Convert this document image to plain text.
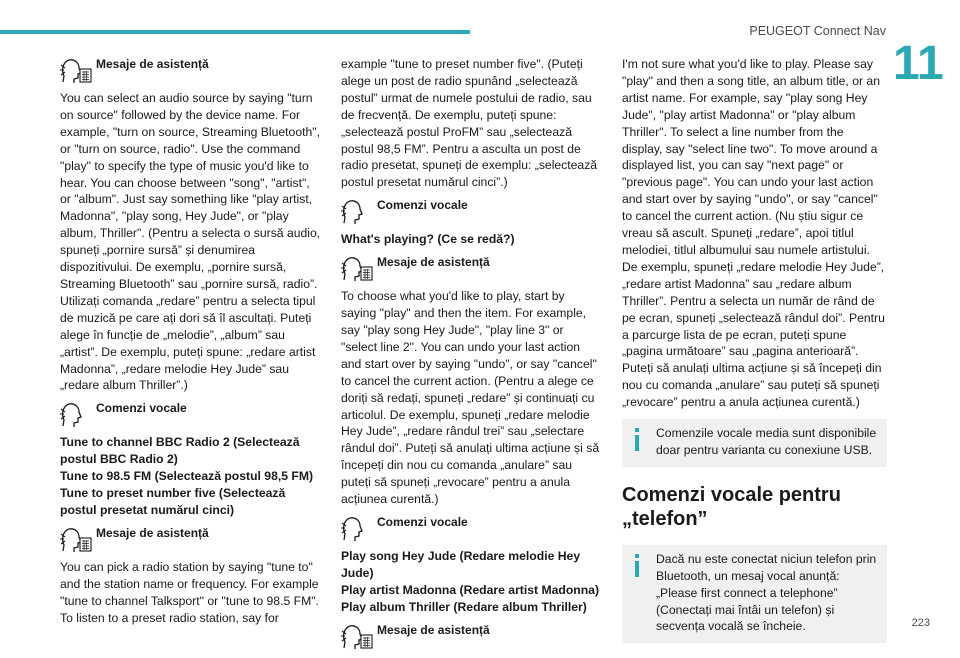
PEUGEOT Connect Nav
11
223
Mesaje de asistență

You can select an audio source by saying "turn on source" followed by the device name. For example, "turn on source, Streaming Bluetooth", or "turn on source, radio". Use the command "play" to specify the type of music you'd like to hear. You can choose between "song", "artist", or "album". Just say something like "play artist, Madonna", "play song, Hey Jude", or "play album, Thriller". (Pentru a selecta o sursă audio, spuneți „pornire sursă” și denumirea dispozitivului. De exemplu, „pornire sursă, Streaming Bluetooth” sau „pornire sursă, radio”. Utilizați comanda „redare” pentru a selecta tipul de muzică pe care ați dori să îl ascultați. Puteți alege în funcție de „melodie”, „album” sau „artist”. De exemplu, puteți spune: „redare artist Madonna”, „redare melodie Hey Jude” sau „redare album Thriller”.)

Comenzi vocale

Tune to channel BBC Radio 2 (Selectează postul BBC Radio 2)
Tune to 98.5 FM (Selectează postul 98,5 FM)
Tune to preset number five (Selectează postul presetat numărul cinci)

Mesaje de asistență

You can pick a radio station by saying "tune to" and the station name or frequency. For example "tune to channel Talksport" or "tune to 98.5 FM". To listen to a preset radio station, say for

example "tune to preset number five". (Puteți alege un post de radio spunând „selectează postul” urmat de numele postului de radio, sau de frecvență. De exemplu, puteți spune: „selectează postul ProFM” sau „selectează postul 98,5 FM”. Pentru a asculta un post de radio presetat, spuneți de exemplu: „selectează postul presetat numărul cinci”.)

Comenzi vocale

What's playing? (Ce se redă?)

Mesaje de asistență

To choose what you'd like to play, start by saying "play" and then the item. For example, say "play song Hey Jude", "play line 3" or "select line 2". You can undo your last action and start over by saying "undo", or say "cancel" to cancel the current action. (Pentru a alege ce doriți să redați, spuneți „redare” și continuați cu articolul. De exemplu, spuneți „redare melodie Hey Jude”, „redare rândul trei” sau „selectare rândul doi”. Puteți să anulați ultima acțiune și să începeți din nou cu comanda „anulare” sau puteți să spuneți „revocare” pentru a anula acțiunea curentă.)

Comenzi vocale

Play song Hey Jude (Redare melodie Hey Jude)
Play artist Madonna (Redare artist Madonna)
Play album Thriller (Redare album Thriller)

Mesaje de asistență

I'm not sure what you'd like to play. Please say "play" and then a song title, an album title, or an artist name. For example, say "play song Hey Jude", "play artist Madonna" or "play album Thriller". To select a line number from the display, say "select line two". To move around a displayed list, you can say "next page" or "previous page". You can undo your last action and start over by saying "undo", or say "cancel" to cancel the current action. (Nu știu sigur ce vreau să ascult. Spuneți „redare”, apoi titlul melodiei, titlul albumului sau numele artistului. De exemplu, spuneți „redare melodie Hey Jude”, „redare artist Madonna” sau „redare album Thriller”. Pentru a selecta un număr de rând de pe ecran, spuneți „selectează rândul doi”. Pentru a parcurge lista de pe ecran, puteți spune „pagina următoare” sau „pagina anterioară”. Puteți să anulați ultima acțiune și să începeți din nou cu comanda „anulare” sau puteți să spuneți „revocare” pentru a anula acțiunea curentă.)

Comenzile vocale media sunt disponibile doar pentru varianta cu conexiune USB.
Comenzi vocale pentru „telefon”
Dacă nu este conectat niciun telefon prin Bluetooth, un mesaj vocal anunță: „Please first connect a telephone” (Conectați mai întâi un telefon) și secvența vocală se încheie.
